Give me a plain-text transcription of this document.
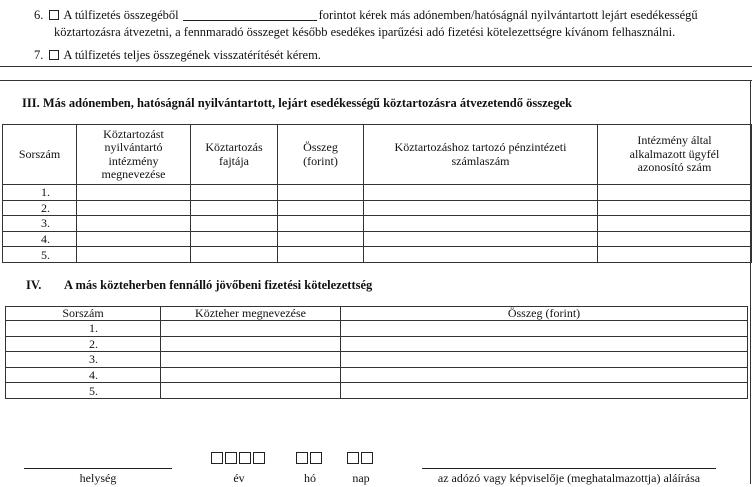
6. A túlfizetés összegéből	forintot kérek más adónemben/hatóságnál nyilvántartott lejárt esedékességű
köztartozásra átvezetni, a fennmaradó összeget később esedékes iparűzési adó fizetési kötelezettségre kívánom felhasználni.
7. A túlfizetés teljes összegének visszatérítését kérem.
III. Más adónemben, hatóságnál nyilvántartott, lejárt esedékességű köztartozásra átvezetendő összegek
Sorszám	Köztartozást nyilvántartó intézmény megnevezése	Köztartozás fajtája	Összeg (forint)	Köztartozáshoz tartozó pénzintézeti számlaszám	Intézmény által alkalmazott ügyfél azonosító szám
1.					
2.					
3.					
4.					
5.					
IV. A más közteherben fennálló jövőbeni fizetési kötelezettség
Sorszám	Közteher megnevezése	Összeg (forint)
1.		
2.		
3.		
4.		
5.		
helység	év	hó	nap	az adózó vagy képviselője (meghatalmazottja) aláírása
